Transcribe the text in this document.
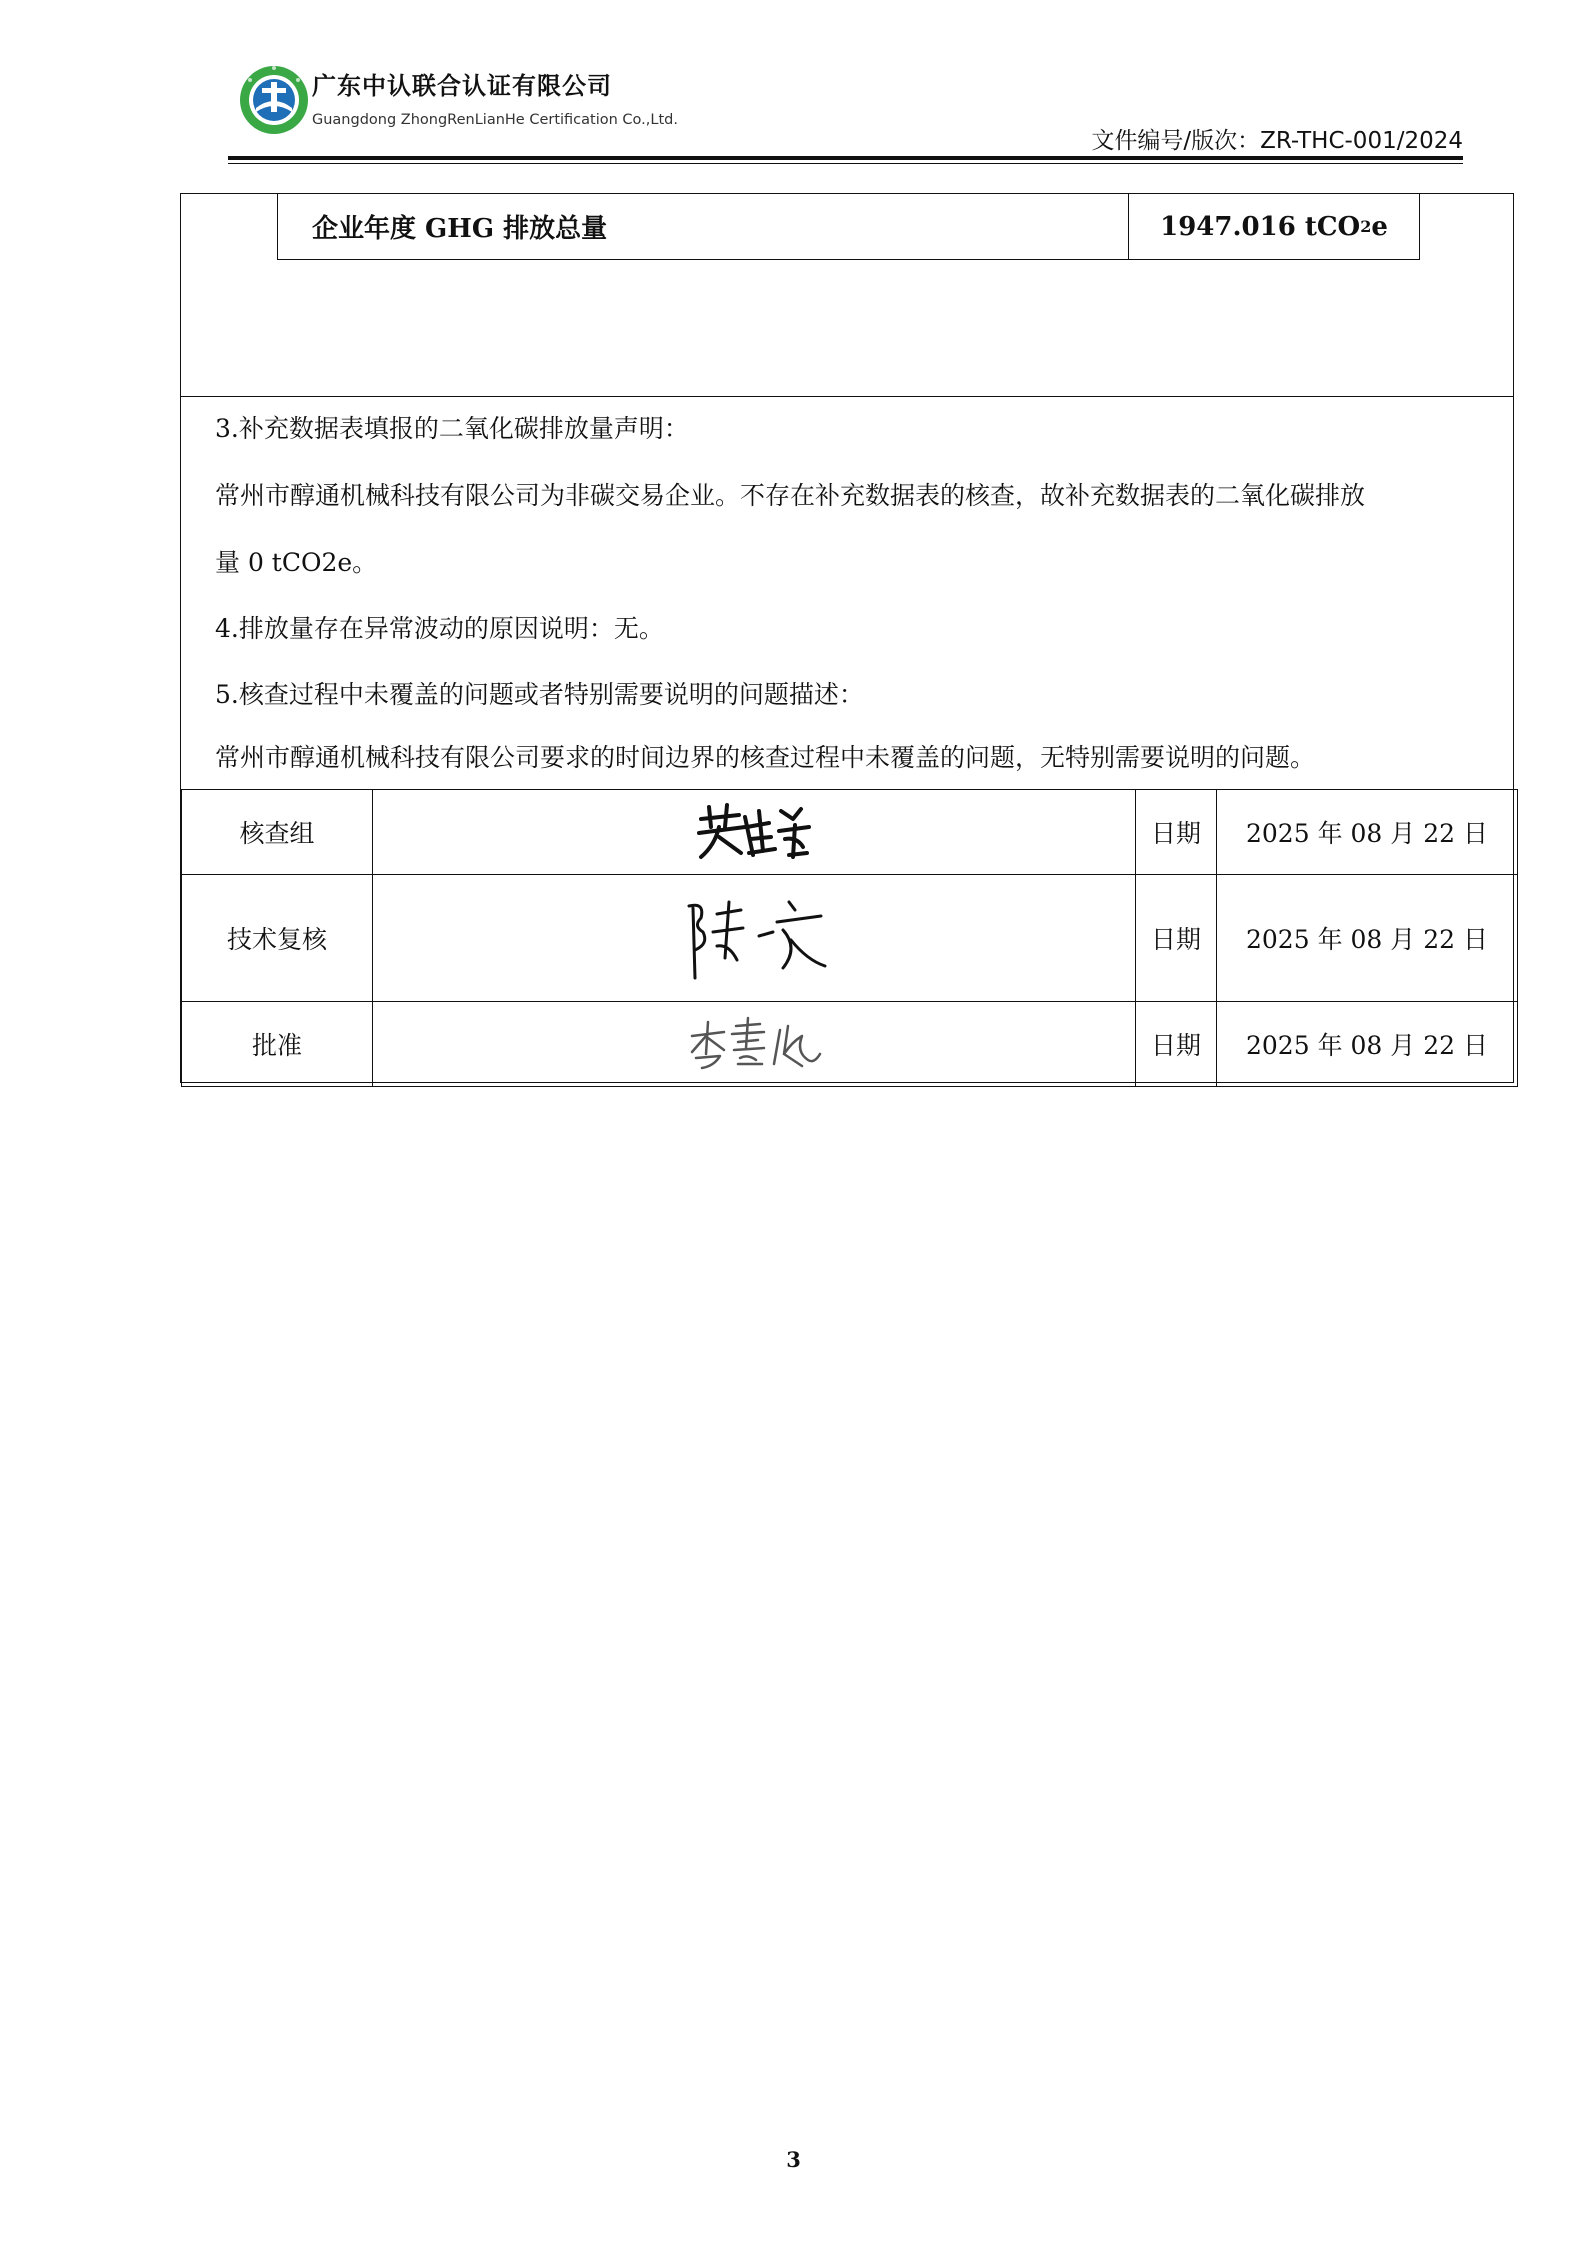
广东中认联合认证有限公司
Guangdong ZhongRenLianHe Certification Co.,Ltd.
文件编号/版次：ZR-THC-001/2024
企业年度 GHG 排放总量	1947.016 tCO 2 e
3.补充数据表填报的二氧化碳排放量声明：
常州市醇通机械科技有限公司为非碳交易企业。不存在补充数据表的核查，故补充数据表的二氧化碳排放
量 0 tCO2e。
4.排放量存在异常波动的原因说明：无。
5.核查过程中未覆盖的问题或者特别需要说明的问题描述：
常州市醇通机械科技有限公司要求的时间边界的核查过程中未覆盖的问题，无特别需要说明的问题。
核查组		日期	2025 年 08 月 22 日
技术复核		日期	2025 年 08 月 22 日
批准		日期	2025 年 08 月 22 日
3
